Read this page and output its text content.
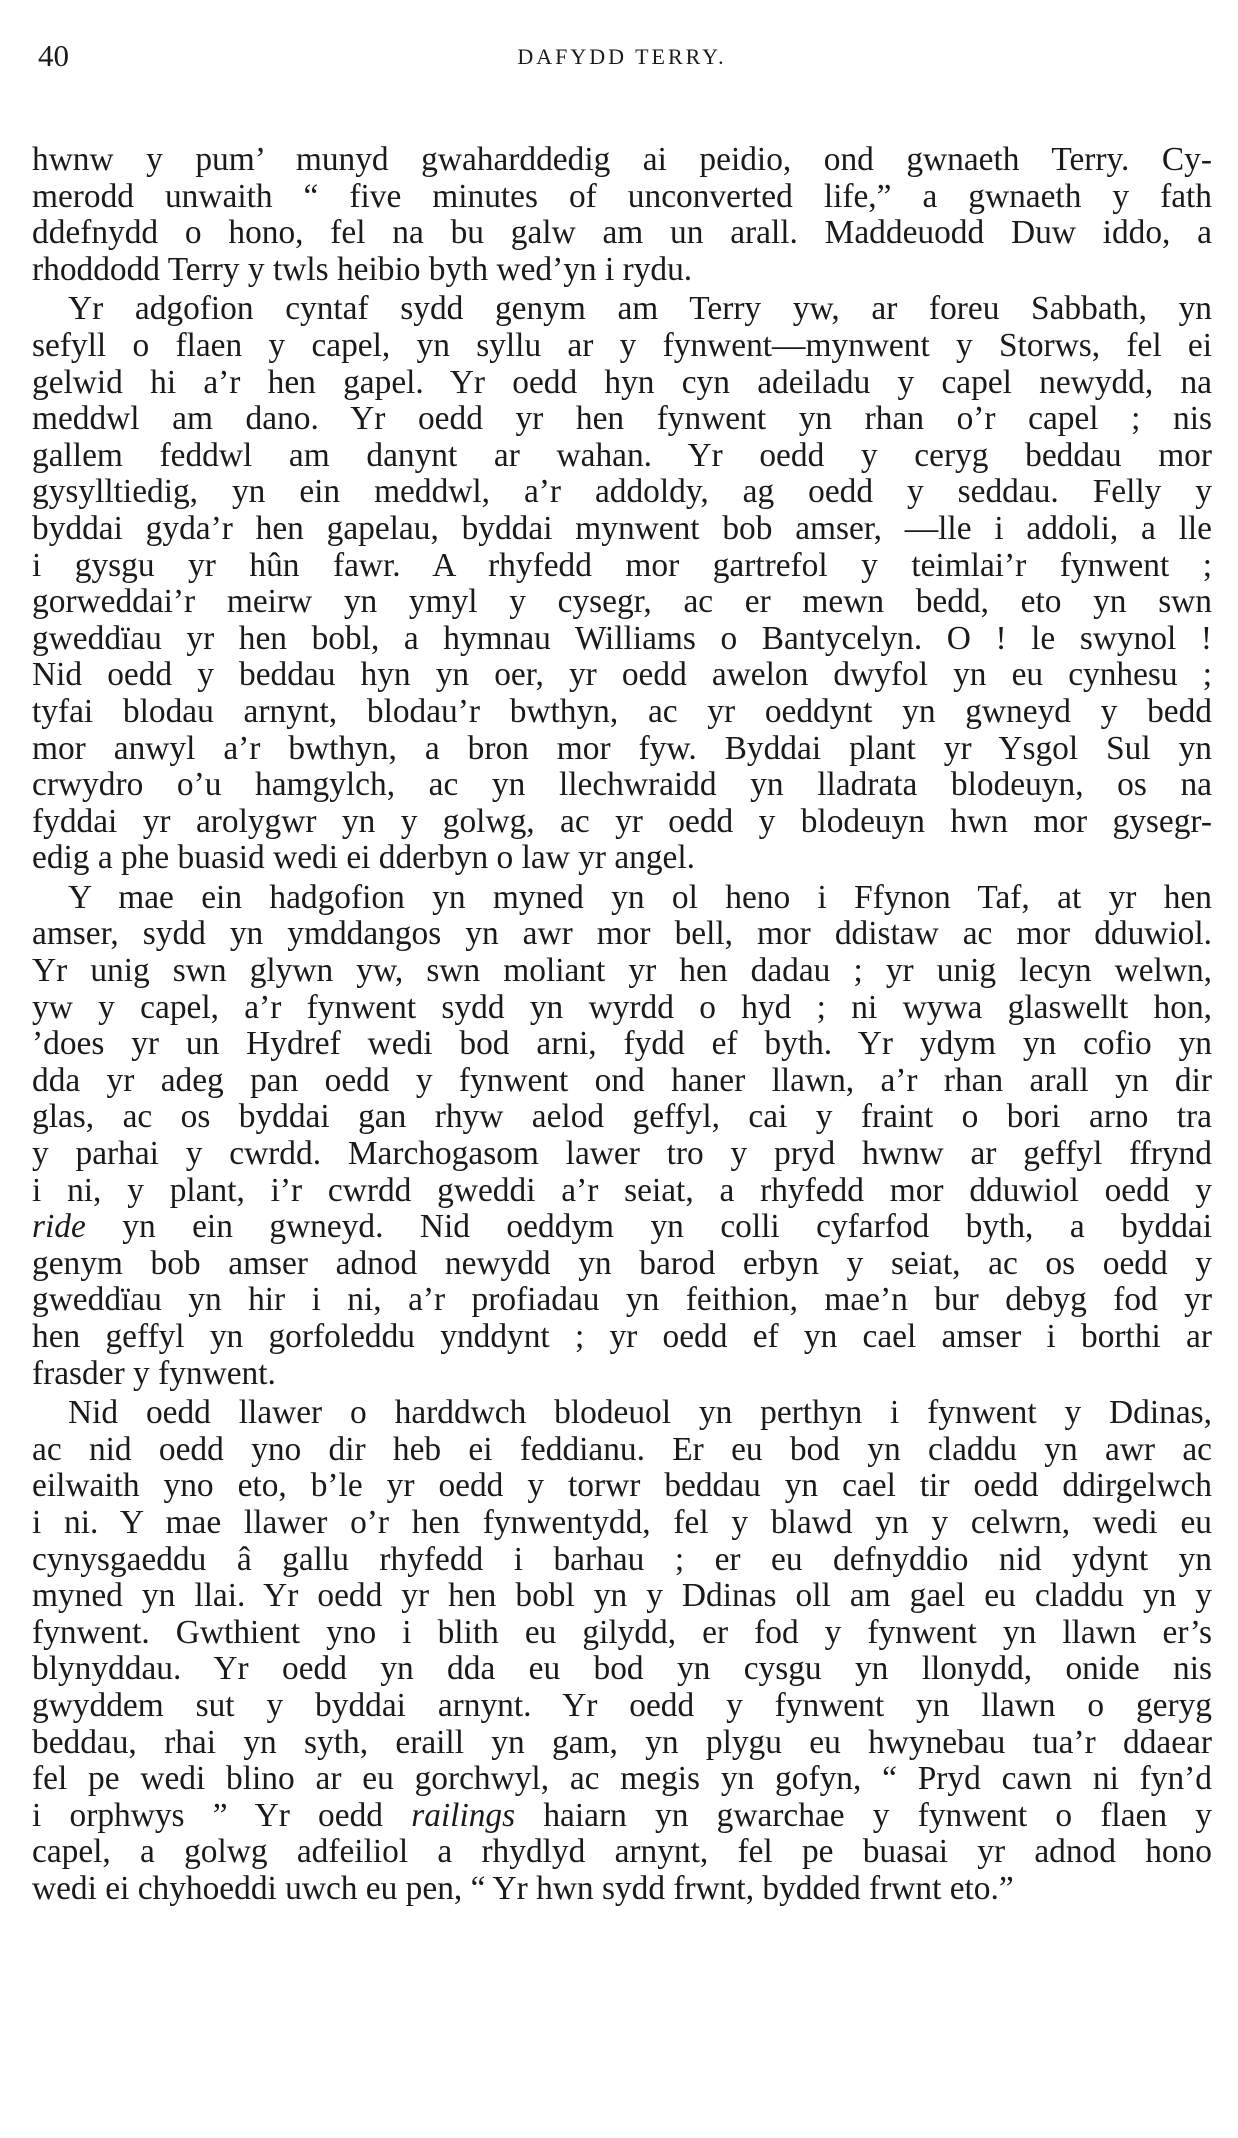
40	DAFYDD TERRY.
hwnw y pum’ munyd gwaharddedig ai peidio, ond gwnaeth Terry. Cy-
merodd unwaith “ five minutes of unconverted life,” a gwnaeth y fath
ddefnydd o hono, fel na bu galw am un arall. Maddeuodd Duw iddo, a
rhoddodd Terry y twls heibio byth wed’yn i rydu.
Yr adgofion cyntaf sydd genym am Terry yw, ar foreu Sabbath, yn
sefyll o flaen y capel, yn syllu ar y fynwent—mynwent y Storws, fel ei
gelwid hi a’r hen gapel. Yr oedd hyn cyn adeiladu y capel newydd, na
meddwl am dano. Yr oedd yr hen fynwent yn rhan o’r capel ; nis
gallem feddwl am danynt ar wahan. Yr oedd y ceryg beddau mor
gysylltiedig, yn ein meddwl, a’r addoldy, ag oedd y seddau. Felly y
byddai gyda’r hen gapelau, byddai mynwent bob amser, —lle i addoli, a lle
i gysgu yr hûn fawr. A rhyfedd mor gartrefol y teimlai’r fynwent ;
gorweddai’r meirw yn ymyl y cysegr, ac er mewn bedd, eto yn swn
gweddïau yr hen bobl, a hymnau Williams o Bantycelyn. O ! le swynol !
Nid oedd y beddau hyn yn oer, yr oedd awelon dwyfol yn eu cynhesu ;
tyfai blodau arnynt, blodau’r bwthyn, ac yr oeddynt yn gwneyd y bedd
mor anwyl a’r bwthyn, a bron mor fyw. Byddai plant yr Ysgol Sul yn
crwydro o’u hamgylch, ac yn llechwraidd yn lladrata blodeuyn, os na
fyddai yr arolygwr yn y golwg, ac yr oedd y blodeuyn hwn mor gysegr-
edig a phe buasid wedi ei dderbyn o law yr angel.
Y mae ein hadgofion yn myned yn ol heno i Ffynon Taf, at yr hen
amser, sydd yn ymddangos yn awr mor bell, mor ddistaw ac mor dduwiol.
Yr unig swn glywn yw, swn moliant yr hen dadau ; yr unig lecyn welwn,
yw y capel, a’r fynwent sydd yn wyrdd o hyd ; ni wywa glaswellt hon,
’does yr un Hydref wedi bod arni, fydd ef byth. Yr ydym yn cofio yn
dda yr adeg pan oedd y fynwent ond haner llawn, a’r rhan arall yn dir
glas, ac os byddai gan rhyw aelod geffyl, cai y fraint o bori arno tra
y parhai y cwrdd. Marchogasom lawer tro y pryd hwnw ar geffyl ffrynd
i ni, y plant, i’r cwrdd gweddi a’r seiat, a rhyfedd mor dduwiol oedd y
ride yn ein gwneyd. Nid oeddym yn colli cyfarfod byth, a byddai
genym bob amser adnod newydd yn barod erbyn y seiat, ac os oedd y
gweddïau yn hir i ni, a’r profiadau yn feithion, mae’n bur debyg fod yr
hen geffyl yn gorfoleddu ynddynt ; yr oedd ef yn cael amser i borthi ar
frasder y fynwent.
Nid oedd llawer o harddwch blodeuol yn perthyn i fynwent y Ddinas,
ac nid oedd yno dir heb ei feddianu. Er eu bod yn claddu yn awr ac
eilwaith yno eto, b’le yr oedd y torwr beddau yn cael tir oedd ddirgelwch
i ni. Y mae llawer o’r hen fynwentydd, fel y blawd yn y celwrn, wedi eu
cynysgaeddu â gallu rhyfedd i barhau ; er eu defnyddio nid ydynt yn
myned yn llai. Yr oedd yr hen bobl yn y Ddinas oll am gael eu claddu yn y
fynwent. Gwthient yno i blith eu gilydd, er fod y fynwent yn llawn er’s
blynyddau. Yr oedd yn dda eu bod yn cysgu yn llonydd, onide nis
gwyddem sut y byddai arnynt. Yr oedd y fynwent yn llawn o geryg
beddau, rhai yn syth, eraill yn gam, yn plygu eu hwynebau tua’r ddaear
fel pe wedi blino ar eu gorchwyl, ac megis yn gofyn, “ Pryd cawn ni fyn’d
i orphwys ” Yr oedd railings haiarn yn gwarchae y fynwent o flaen y
capel, a golwg adfeiliol a rhydlyd arnynt, fel pe buasai yr adnod hono
wedi ei chyhoeddi uwch eu pen, “ Yr hwn sydd frwnt, bydded frwnt eto.”
